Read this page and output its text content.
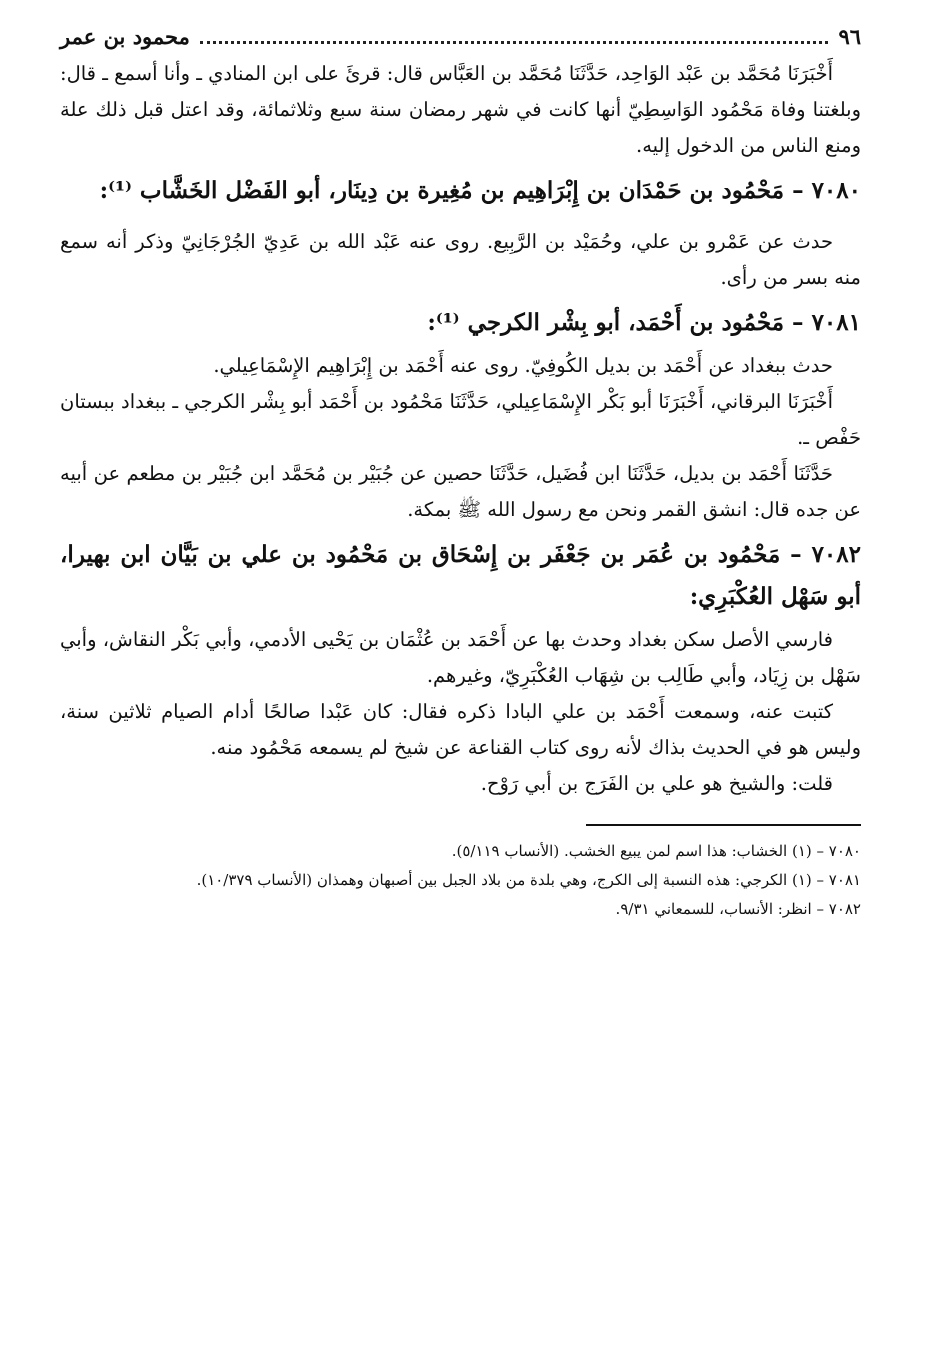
٩٦
محمود بن عمر

أَخْبَرَنَا مُحَمَّد بن عَبْد الوَاحِد، حَدَّثَنَا مُحَمَّد بن العَبَّاس قال: قرئَ على ابن المنادي ـ وأنا أسمع ـ قال: وبلغتنا وفاة مَحْمُود الوَاسِطِيّ أنها كانت في شهر رمضان سنة سبع وثلاثمائة، وقد اعتل قبل ذلك علة ومنع الناس من الدخول إليه.

٧٠٨٠ – مَحْمُود بن حَمْدَان بن إِبْرَاهِيم بن مُغِيرة بن دِينَار، أبو الفَضْل الخَشَّاب ⁽¹⁾:

حدث عن عَمْرو بن علي، وحُمَيْد بن الرَّبِيع. روى عنه عَبْد الله بن عَدِيّ الجُرْجَانِيّ وذكر أنه سمع منه بسر من رأى.

٧٠٨١ – مَحْمُود بن أَحْمَد، أبو بِشْر الكرجي ⁽¹⁾:

حدث ببغداد عن أَحْمَد بن بديل الكُوفِيّ. روى عنه أَحْمَد بن إِبْرَاهِيم الإِسْمَاعِيلي.

أَخْبَرَنَا البرقاني، أَخْبَرَنَا أبو بَكْر الإِسْمَاعِيلي، حَدَّثَنَا مَحْمُود بن أَحْمَد أبو بِشْر الكرجي ـ ببغداد ببستان حَفْص ـ.

حَدَّثَنَا أَحْمَد بن بديل، حَدَّثَنَا ابن فُضَيل، حَدَّثَنَا حصين عن جُبَيْر بن مُحَمَّد ابن جُبَيْر بن مطعم عن أبيه عن جده قال: انشق القمر ونحن مع رسول الله ﷺ بمكة.

٧٠٨٢ – مَحْمُود بن عُمَر بن جَعْفَر بن إِسْحَاق بن مَحْمُود بن علي بن بَيَّان ابن بهيرا، أبو سَهْل العُكْبَرِي:

فارسي الأصل سكن بغداد وحدث بها عن أَحْمَد بن عُثْمَان بن يَحْيى الأدمي، وأبي بَكْر النقاش، وأبي سَهْل بن زِيَاد، وأبي طَالِب بن شِهَاب العُكْبَرِيّ، وغيرهم.

كتبت عنه، وسمعت أَحْمَد بن علي البادا ذكره فقال: كان عَبْدا صالحًا أدام الصيام ثلاثين سنة، وليس هو في الحديث بذاك لأنه روى كتاب القناعة عن شيخ لم يسمعه مَحْمُود منه.

قلت: والشيخ هو علي بن الفَرَج بن أبي رَوْح.

٧٠٨٠ – (١) الخشاب: هذا اسم لمن يبيع الخشب. (الأنساب ٥/١١٩).

٧٠٨١ – (١) الكرجي: هذه النسبة إلى الكرج، وهي بلدة من بلاد الجبل بين أصبهان وهمذان (الأنساب ١٠/٣٧٩).

٧٠٨٢ – انظر: الأنساب، للسمعاني ٩/٣١.
